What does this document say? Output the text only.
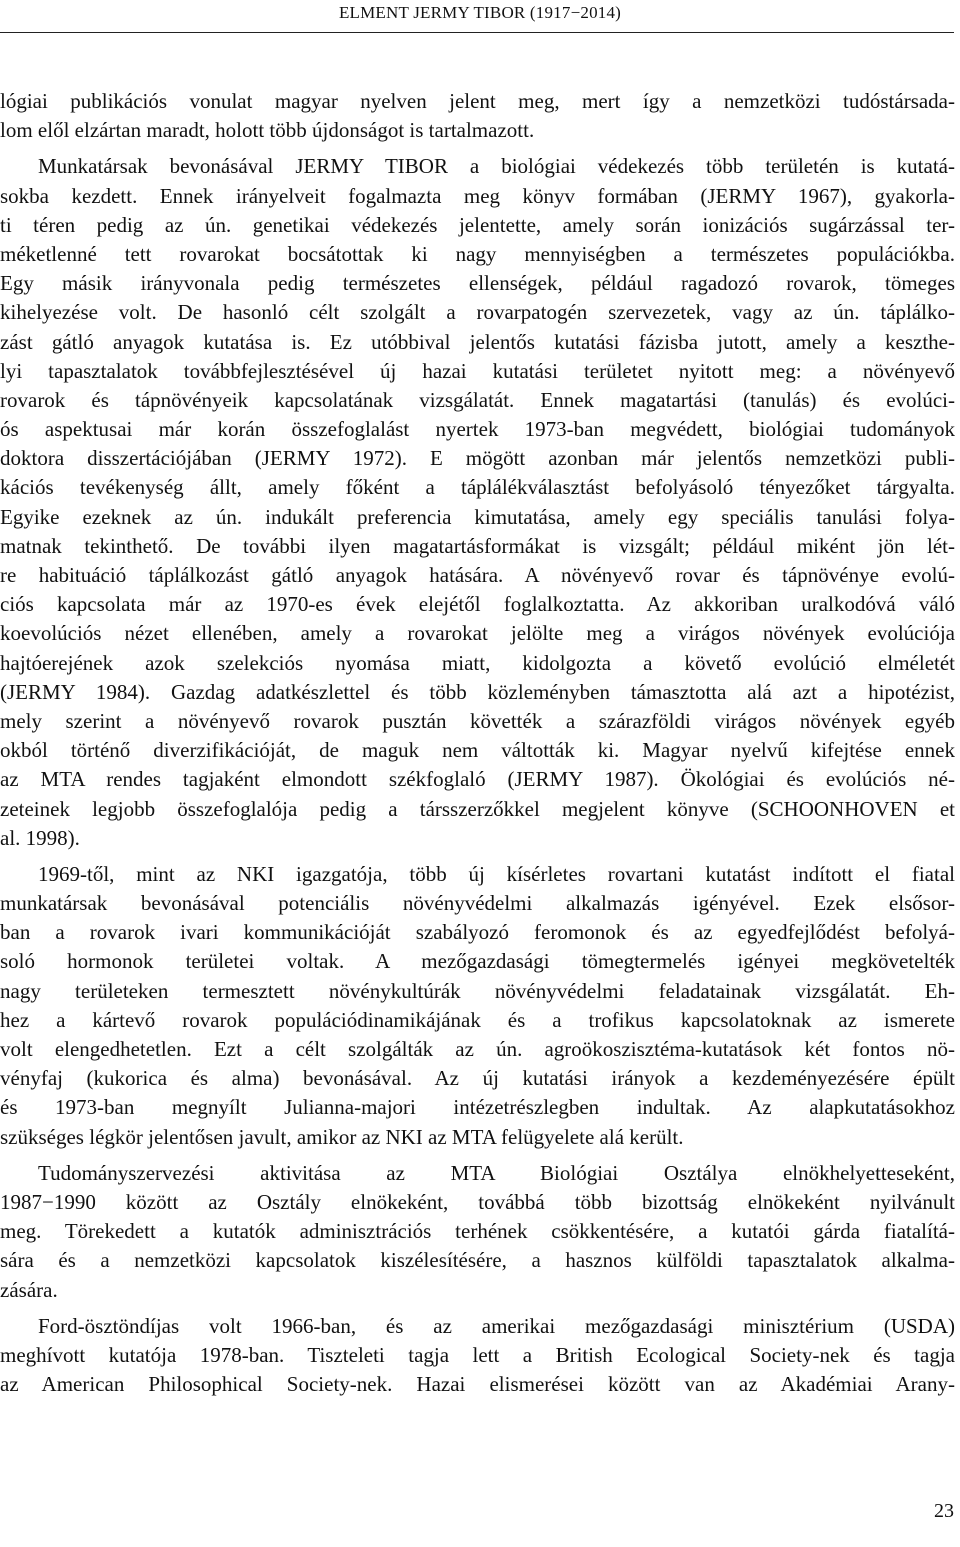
ELMENT JERMY TIBOR (1917−2014)
lógiai publikációs vonulat magyar nyelven jelent meg, mert így a nemzetközi tudóstársada-
lom elől elzártan maradt, holott több újdonságot is tartalmazott.
Munkatársak bevonásával JERMY TIBOR a biológiai védekezés több területén is kutatá-
sokba kezdett. Ennek irányelveit fogalmazta meg könyv formában (JERMY 1967), gyakorla-
ti téren pedig az ún. genetikai védekezés jelentette, amely során ionizációs sugárzással ter-
méketlenné tett rovarokat bocsátottak ki nagy mennyiségben a természetes populációkba.
Egy másik irányvonala pedig természetes ellenségek, például ragadozó rovarok, tömeges
kihelyezése volt. De hasonló célt szolgált a rovarpatogén szervezetek, vagy az ún. táplálko-
zást gátló anyagok kutatása is. Ez utóbbival jelentős kutatási fázisba jutott, amely a keszthe-
lyi tapasztalatok továbbfejlesztésével új hazai kutatási területet nyitott meg: a növényevő
rovarok és tápnövényeik kapcsolatának vizsgálatát. Ennek magatartási (tanulás) és evolúci-
ós aspektusai már korán összefoglalást nyertek 1973-ban megvédett, biológiai tudományok
doktora disszertációjában (JERMY 1972). E mögött azonban már jelentős nemzetközi publi-
kációs tevékenység állt, amely főként a táplálékválasztást befolyásoló tényezőket tárgyalta.
Egyike ezeknek az ún. indukált preferencia kimutatása, amely egy speciális tanulási folya-
matnak tekinthető. De további ilyen magatartásformákat is vizsgált; például miként jön lét-
re habituáció táplálkozást gátló anyagok hatására. A növényevő rovar és tápnövénye evolú-
ciós kapcsolata már az 1970-es évek elejétől foglalkoztatta. Az akkoriban uralkodóvá váló
koevolúciós nézet ellenében, amely a rovarokat jelölte meg a virágos növények evolúciója
hajtóerejének azok szelekciós nyomása miatt, kidolgozta a követő evolúció elméletét
(JERMY 1984). Gazdag adatkészlettel és több közleményben támasztotta alá azt a hipotézist,
mely szerint a növényevő rovarok pusztán követték a szárazföldi virágos növények egyéb
okból történő diverzifikációját, de maguk nem váltották ki. Magyar nyelvű kifejtése ennek
az MTA rendes tagjaként elmondott székfoglaló (JERMY 1987). Ökológiai és evolúciós né-
zeteinek legjobb összefoglalója pedig a társszerzőkkel megjelent könyve (SCHOONHOVEN et
al. 1998).
1969-től, mint az NKI igazgatója, több új kísérletes rovartani kutatást indított el fiatal
munkatársak bevonásával potenciális növényvédelmi alkalmazás igényével. Ezek elsősor-
ban a rovarok ivari kommunikációját szabályozó feromonok és az egyedfejlődést befolyá-
soló hormonok területei voltak. A mezőgazdasági tömegtermelés igényei megkövetelték
nagy területeken termesztett növénykultúrák növényvédelmi feladatainak vizsgálatát. Eh-
hez a kártevő rovarok populációdinamikájának és a trofikus kapcsolatoknak az ismerete
volt elengedhetetlen. Ezt a célt szolgálták az ún. agroökoszisztéma-kutatások két fontos nö-
vényfaj (kukorica és alma) bevonásával. Az új kutatási irányok a kezdeményezésére épült
és 1973-ban megnyílt Julianna-majori intézetrészlegben indultak. Az alapkutatásokhoz
szükséges légkör jelentősen javult, amikor az NKI az MTA felügyelete alá került.
Tudományszervezési aktivitása az MTA Biológiai Osztálya elnökhelyetteseként,
1987−1990 között az Osztály elnökeként, továbbá több bizottság elnökeként nyilvánult
meg. Törekedett a kutatók adminisztrációs terhének csökkentésére, a kutatói gárda fiatalítá-
sára és a nemzetközi kapcsolatok kiszélesítésére, a hasznos külföldi tapasztalatok alkalma-
zására.
Ford-ösztöndíjas volt 1966-ban, és az amerikai mezőgazdasági minisztérium (USDA)
meghívott kutatója 1978-ban. Tiszteleti tagja lett a British Ecological Society-nek és tagja
az American Philosophical Society-nek. Hazai elismerései között van az Akadémiai Arany-
23
